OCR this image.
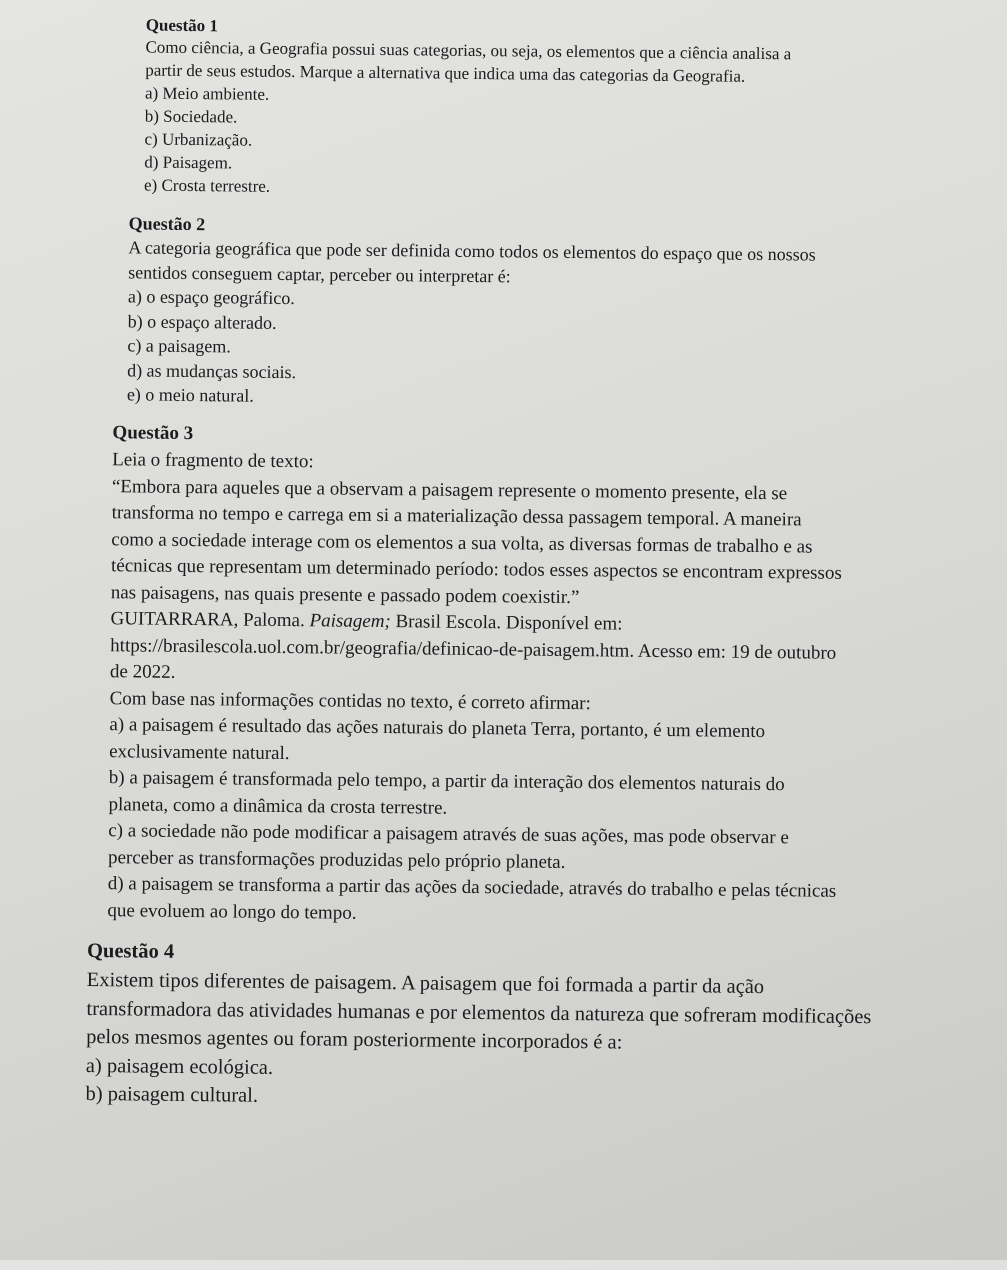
Questão 1

Como ciência, a Geografia possui suas categorias, ou seja, os elementos que a ciência analisa a
partir de seus estudos. Marque a alternativa que indica uma das categorias da Geografia.
a) Meio ambiente.
b) Sociedade.
c) Urbanização.
d) Paisagem.
e) Crosta terrestre.

Questão 2

A categoria geográfica que pode ser definida como todos os elementos do espaço que os nossos
sentidos conseguem captar, perceber ou interpretar é:
a) o espaço geográfico.
b) o espaço alterado.
c) a paisagem.
d) as mudanças sociais.
e) o meio natural.

Questão 3

Leia o fragmento de texto:
“Embora para aqueles que a observam a paisagem represente o momento presente, ela se
transforma no tempo e carrega em si a materialização dessa passagem temporal. A maneira
como a sociedade interage com os elementos a sua volta, as diversas formas de trabalho e as
técnicas que representam um determinado período: todos esses aspectos se encontram expressos
nas paisagens, nas quais presente e passado podem coexistir.”
GUITARRARA, Paloma. Paisagem; Brasil Escola. Disponível em:
https://brasilescola.uol.com.br/geografia/definicao-de-paisagem.htm. Acesso em: 19 de outubro
de 2022.
Com base nas informações contidas no texto, é correto afirmar:
a) a paisagem é resultado das ações naturais do planeta Terra, portanto, é um elemento
exclusivamente natural.
b) a paisagem é transformada pelo tempo, a partir da interação dos elementos naturais do
planeta, como a dinâmica da crosta terrestre.
c) a sociedade não pode modificar a paisagem através de suas ações, mas pode observar e
perceber as transformações produzidas pelo próprio planeta.
d) a paisagem se transforma a partir das ações da sociedade, através do trabalho e pelas técnicas
que evoluem ao longo do tempo.

Questão 4

Existem tipos diferentes de paisagem. A paisagem que foi formada a partir da ação
transformadora das atividades humanas e por elementos da natureza que sofreram modificações
pelos mesmos agentes ou foram posteriormente incorporados é a:
a) paisagem ecológica.
b) paisagem cultural.
